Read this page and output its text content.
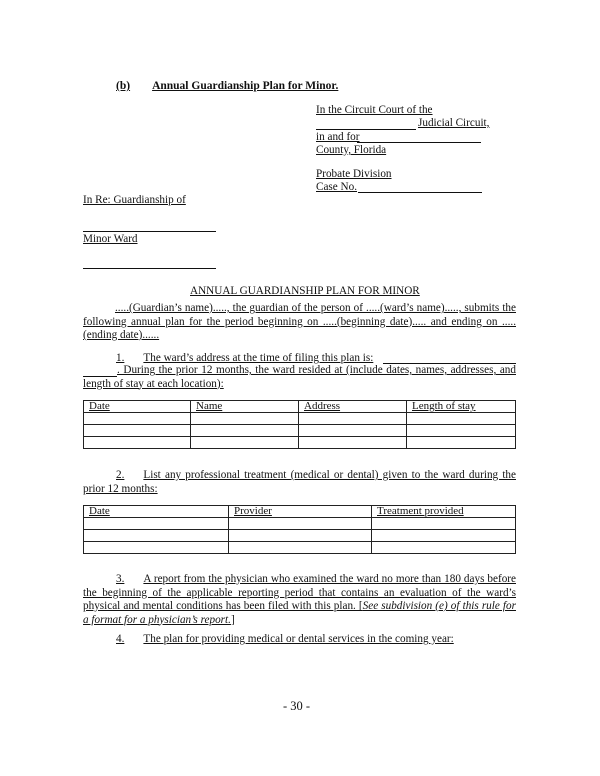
(b) Annual Guardianship Plan for Minor.
In the Circuit Court of the
Judicial Circuit,
in and for
County, Florida
Probate Division
Case No.
In Re: Guardianship of
Minor Ward
ANNUAL GUARDIANSHIP PLAN FOR MINOR
.....(Guardian’s name)....., the guardian of the person of .....(ward’s name)....., submits the following annual plan for the period beginning on .....(beginning date)..... and ending on .....(ending date)......
1. The ward’s address at the time of filing this plan is:
. During the prior 12 months, the ward resided at (include dates, names, addresses, and length of stay at each location):
Date	Name	Address	Length of stay

2. List any professional treatment (medical or dental) given to the ward during the prior 12 months:
Date	Provider	Treatment provided

3. A report from the physician who examined the ward no more than 180 days before the beginning of the applicable reporting period that contains an evaluation of the ward’s physical and mental conditions has been filed with this plan. [See subdivision (e) of this rule for a format for a physician’s report.]
4. The plan for providing medical or dental services in the coming year:
- 30 -
